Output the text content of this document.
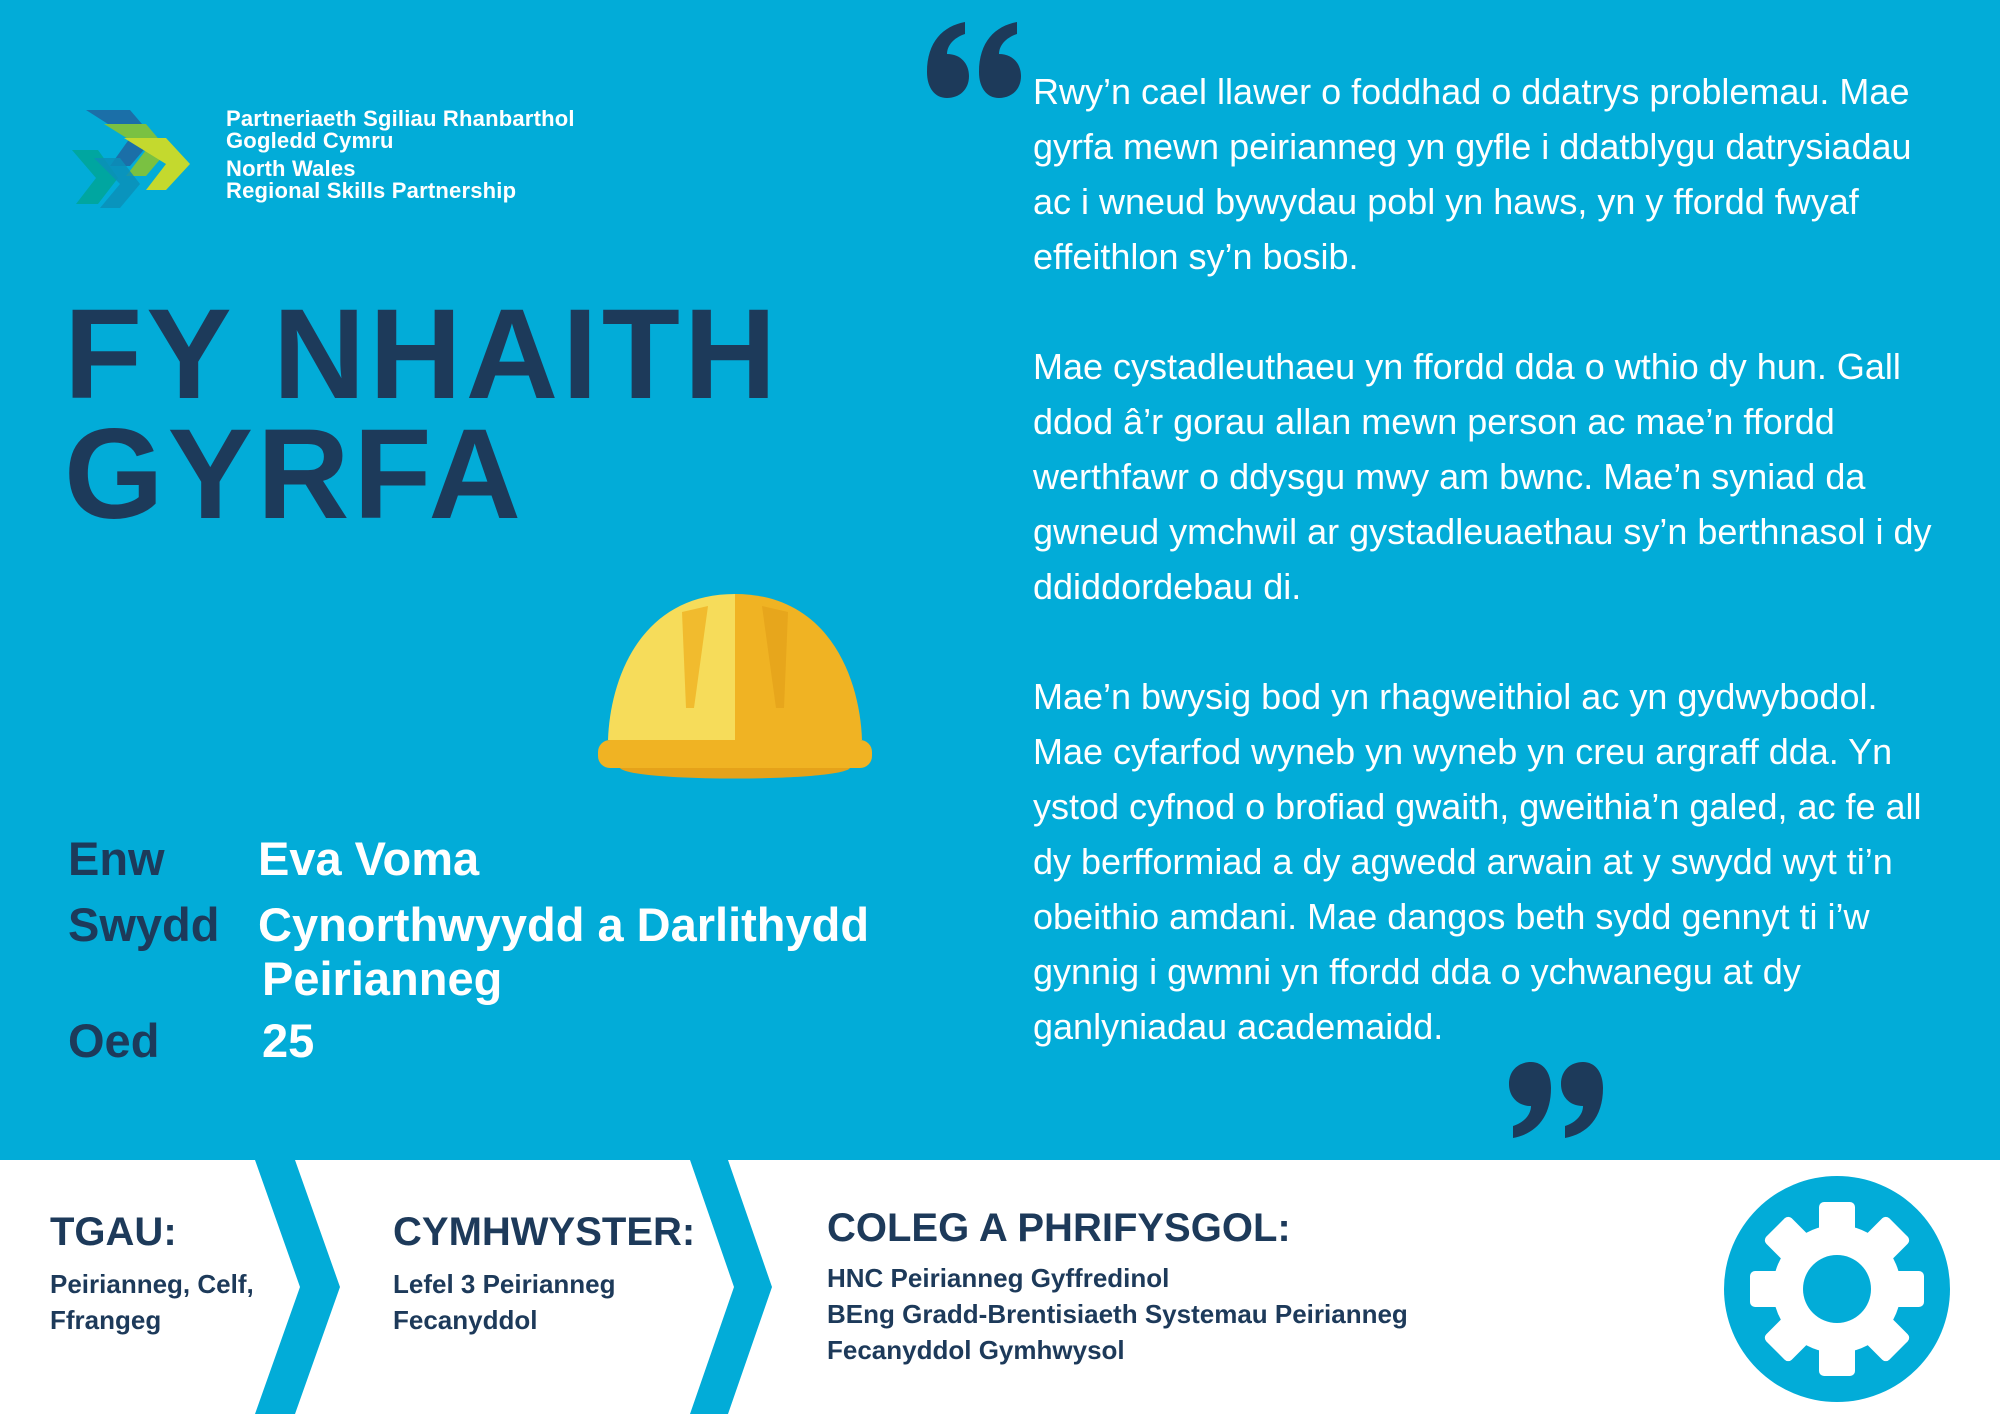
Partneriaeth Sgiliau Rhanbarthol
Gogledd Cymru
North Wales
Regional Skills Partnership
FY NHAITH
GYRFA
Enw Eva Voma
Swydd Cynorthwyydd a Darlithydd
Peirianneg
Oed 25

Rwy’n cael llawer o foddhad o ddatrys problemau. Mae gyrfa mewn peirianneg yn gyfle i ddatblygu datrysiadau ac i wneud bywydau pobl yn haws, yn y ffordd fwyaf effeithlon sy’n bosib.

Mae cystadleuthaeu yn ffordd dda o wthio dy hun. Gall ddod â’r gorau allan mewn person ac mae’n ffordd werthfawr o ddysgu mwy am bwnc. Mae’n syniad da gwneud ymchwil ar gystadleuaethau sy’n berthnasol i dy ddiddordebau di.

Mae’n bwysig bod yn rhagweithiol ac yn gydwybodol. Mae cyfarfod wyneb yn wyneb yn creu argraff dda. Yn ystod cyfnod o brofiad gwaith, gweithia’n galed, ac fe all dy berfformiad a dy agwedd arwain at y swydd wyt ti’n obeithio amdani. Mae dangos beth sydd gennyt ti i’w gynnig i gwmni yn ffordd dda o ychwanegu at dy ganlyniadau academaidd.

TGAU:
Peirianneg, Celf,
Ffrangeg
CYMHWYSTER:
Lefel 3 Peirianneg
Fecanyddol
COLEG A PHRIFYSGOL:
HNC Peirianneg Gyffredinol
BEng Gradd-Brentisiaeth Systemau Peirianneg
Fecanyddol Gymhwysol
